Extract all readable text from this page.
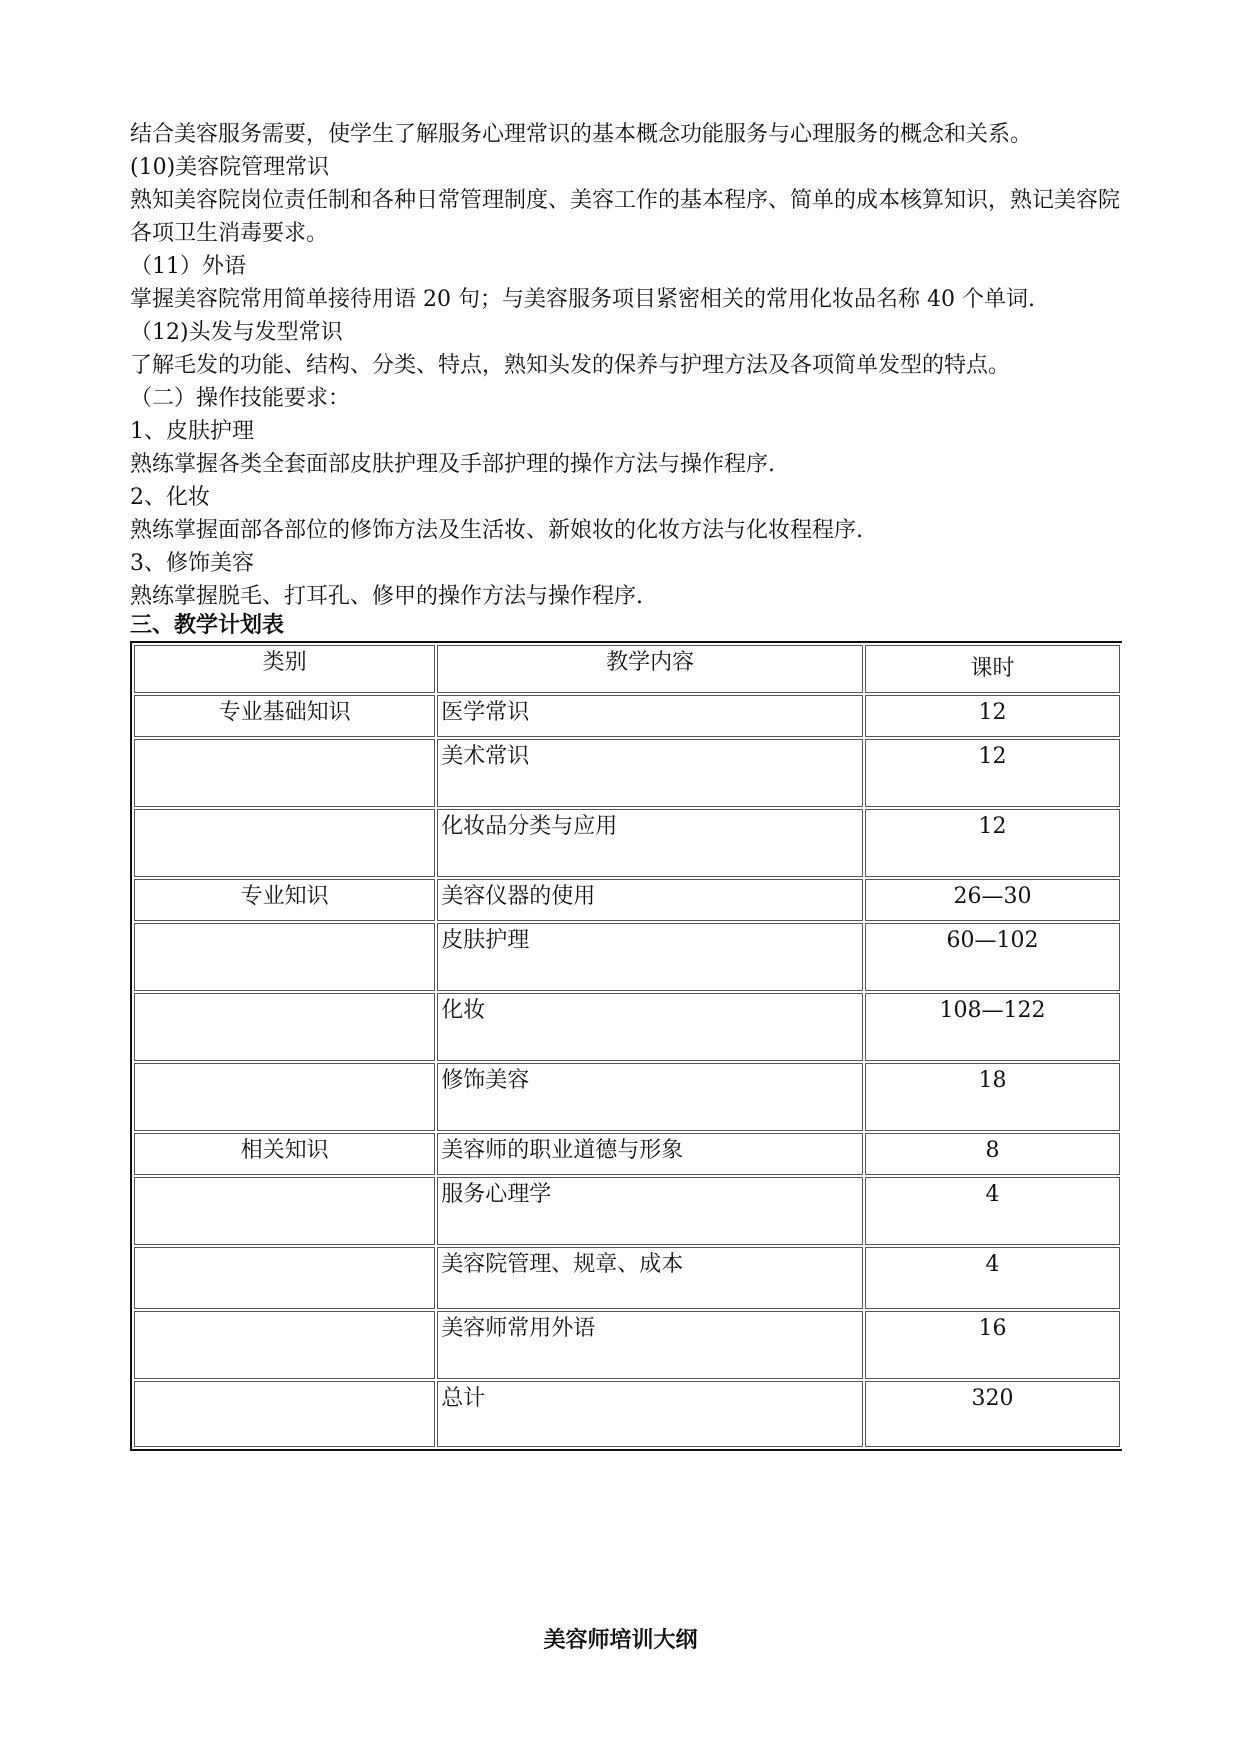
结合美容服务需要，使学生了解服务心理常识的基本概念功能服务与心理服务的概念和关系。
(10)美容院管理常识
熟知美容院岗位责任制和各种日常管理制度、美容工作的基本程序、简单的成本核算知识，熟记美容院各项卫生消毒要求。
（11）外语
掌握美容院常用简单接待用语 20 句；与美容服务项目紧密相关的常用化妆品名称 40 个单词.
（12)头发与发型常识
了解毛发的功能、结构、分类、特点，熟知头发的保养与护理方法及各项简单发型的特点。
（二）操作技能要求：
1、皮肤护理
熟练掌握各类全套面部皮肤护理及手部护理的操作方法与操作程序.
2、化妆
熟练掌握面部各部位的修饰方法及生活妆、新娘妆的化妆方法与化妆程程序.
3、修饰美容
熟练掌握脱毛、打耳孔、修甲的操作方法与操作程序.
三、教学计划表
类别	教学内容	课时
专业基础知识	医学常识	12
	美术常识	12
	化妆品分类与应用	12
专业知识	美容仪器的使用	26—30
	皮肤护理	60—102
	化妆	108—122
	修饰美容	18
相关知识	美容师的职业道德与形象	8
	服务心理学	4
	美容院管理、规章、成本	4
	美容师常用外语	16
	总计	320
美容师培训大纲
